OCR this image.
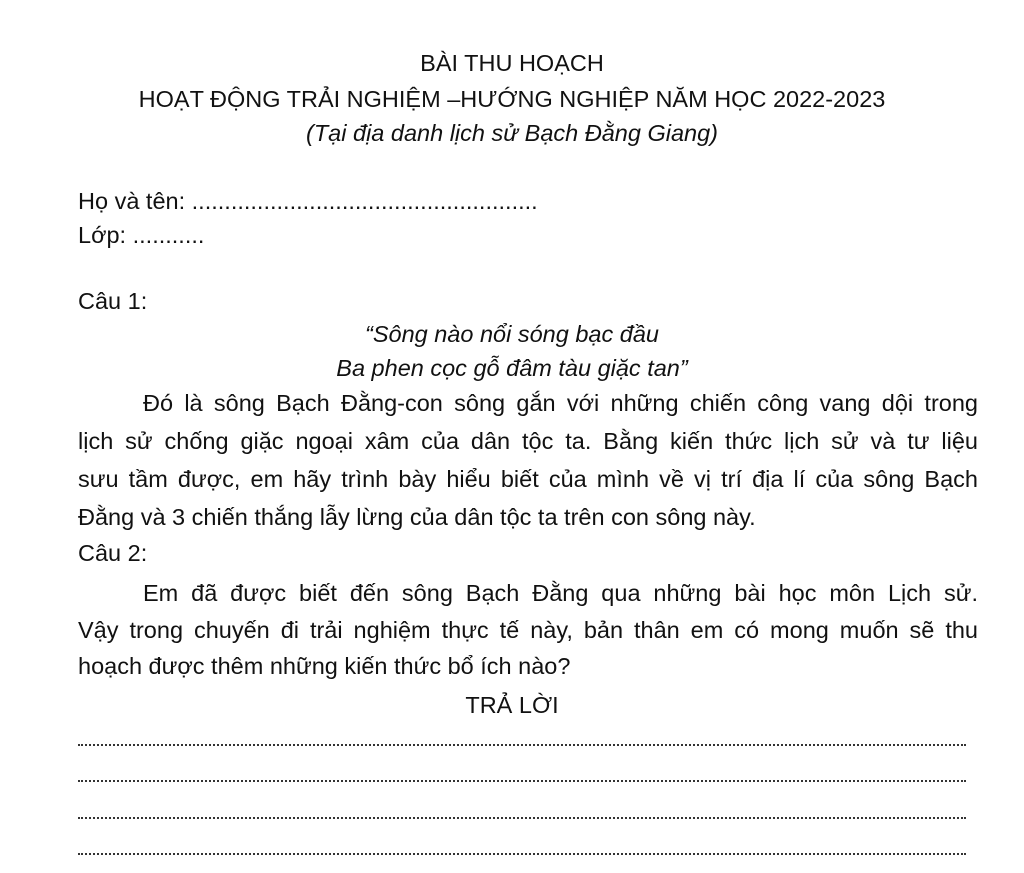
BÀI THU HOẠCH
HOẠT ĐỘNG TRẢI NGHIỆM –HƯỚNG NGHIỆP NĂM HỌC 2022-2023
(Tại địa danh lịch sử Bạch Đằng Giang)
Họ và tên: .....................................................
Lớp: ...........
Câu 1:
“Sông nào nổi sóng bạc đầu
Ba phen cọc gỗ đâm tàu giặc tan”
Đó là sông Bạch Đằng-con sông gắn với những chiến công vang dội trong
lịch sử chống giặc ngoại xâm của dân tộc ta. Bằng kiến thức lịch sử và tư liệu
sưu tầm được, em hãy trình bày hiểu biết của mình về vị trí địa lí của sông Bạch
Đằng và 3 chiến thắng lẫy lừng của dân tộc ta trên con sông này.
Câu 2:
Em đã được biết đến sông Bạch Đằng qua những bài học môn Lịch sử.
Vậy trong chuyến đi trải nghiệm thực tế này, bản thân em có mong muốn sẽ thu
hoạch được thêm những kiến thức bổ ích nào?
TRẢ LỜI
